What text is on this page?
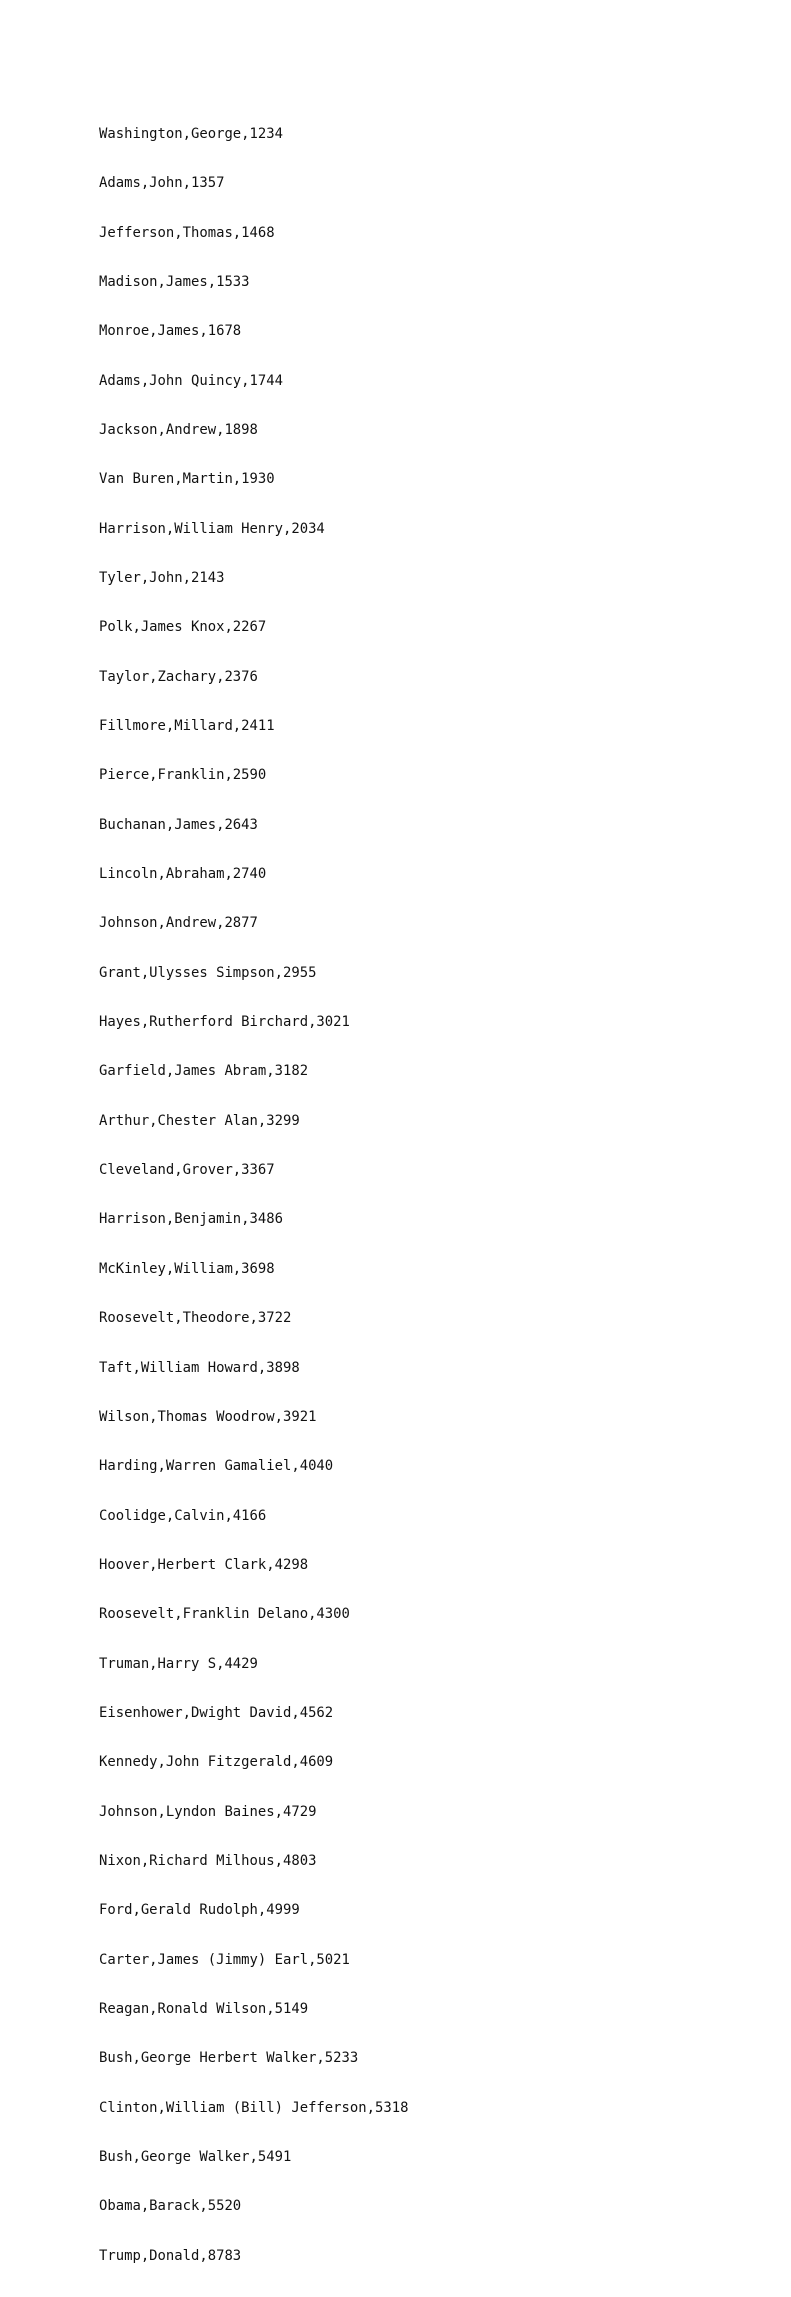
Washington,George,1234

Adams,John,1357

Jefferson,Thomas,1468

Madison,James,1533

Monroe,James,1678

Adams,John Quincy,1744

Jackson,Andrew,1898

Van Buren,Martin,1930

Harrison,William Henry,2034

Tyler,John,2143

Polk,James Knox,2267

Taylor,Zachary,2376

Fillmore,Millard,2411

Pierce,Franklin,2590

Buchanan,James,2643

Lincoln,Abraham,2740

Johnson,Andrew,2877

Grant,Ulysses Simpson,2955

Hayes,Rutherford Birchard,3021

Garfield,James Abram,3182

Arthur,Chester Alan,3299

Cleveland,Grover,3367

Harrison,Benjamin,3486

McKinley,William,3698

Roosevelt,Theodore,3722

Taft,William Howard,3898

Wilson,Thomas Woodrow,3921

Harding,Warren Gamaliel,4040

Coolidge,Calvin,4166

Hoover,Herbert Clark,4298

Roosevelt,Franklin Delano,4300

Truman,Harry S,4429

Eisenhower,Dwight David,4562

Kennedy,John Fitzgerald,4609

Johnson,Lyndon Baines,4729

Nixon,Richard Milhous,4803

Ford,Gerald Rudolph,4999

Carter,James (Jimmy) Earl,5021

Reagan,Ronald Wilson,5149

Bush,George Herbert Walker,5233

Clinton,William (Bill) Jefferson,5318

Bush,George Walker,5491

Obama,Barack,5520

Trump,Donald,8783
